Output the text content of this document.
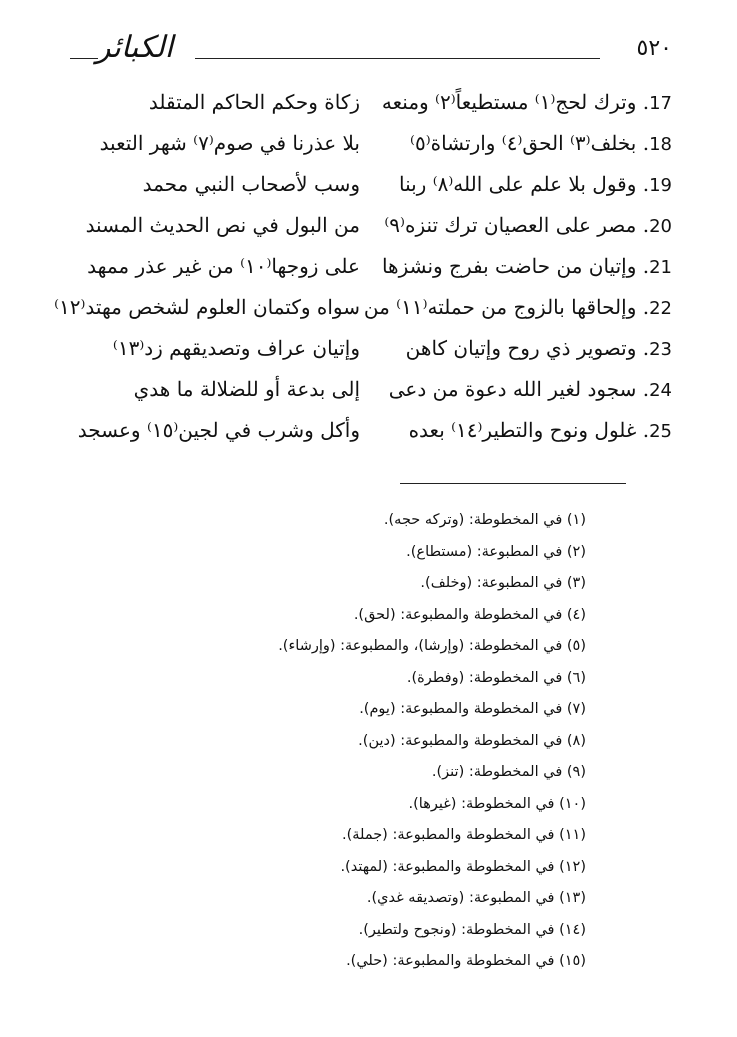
الكبائر	٥٢٠
17. وترك لحج⁽١⁾ مستطيعاً⁽٢⁾ ومنعه
زكاة وحكم الحاكم المتقلد
18. بخلف⁽٣⁾ الحق⁽٤⁾ وارتشاة⁽٥⁾
بلا عذرنا في صوم⁽٧⁾ شهر التعبد
19. وقول بلا علم على الله⁽٨⁾ ربنا
وسب لأصحاب النبي محمد
20. مصر على العصيان ترك تنزه⁽٩⁾
من البول في نص الحديث المسند
21. وإتيان من حاضت بفرج ونشزها
على زوجها⁽١٠⁾ من غير عذر ممهد
22. وإلحاقها بالزوج من حملته⁽١١⁾ من
سواه وكتمان العلوم لشخص مهتد⁽١٢⁾
23. وتصوير ذي روح وإتيان كاهن
وإتيان عراف وتصديقهم زد⁽١٣⁾
24. سجود لغير الله دعوة من دعى
إلى بدعة أو للضلالة ما هدي
25. غلول ونوح والتطير⁽١٤⁾ بعده
وأكل وشرب في لجين⁽١٥⁾ وعسجد
(١) في المخطوطة: (وتركه حجه).
(٢) في المطبوعة: (مستطاع).
(٣) في المطبوعة: (وخلف).
(٤) في المخطوطة والمطبوعة: (لحق).
(٥) في المخطوطة: (وإرشا)، والمطبوعة: (وإرشاء).
(٦) في المخطوطة: (وفطرة).
(٧) في المخطوطة والمطبوعة: (يوم).
(٨) في المخطوطة والمطبوعة: (دين).
(٩) في المخطوطة: (تنز).
(١٠) في المخطوطة: (غيرها).
(١١) في المخطوطة والمطبوعة: (جملة).
(١٢) في المخطوطة والمطبوعة: (لمهتد).
(١٣) في المطبوعة: (وتصديقه غدي).
(١٤) في المخطوطة: (ونجوح ولتطير).
(١٥) في المخطوطة والمطبوعة: (حلي).
